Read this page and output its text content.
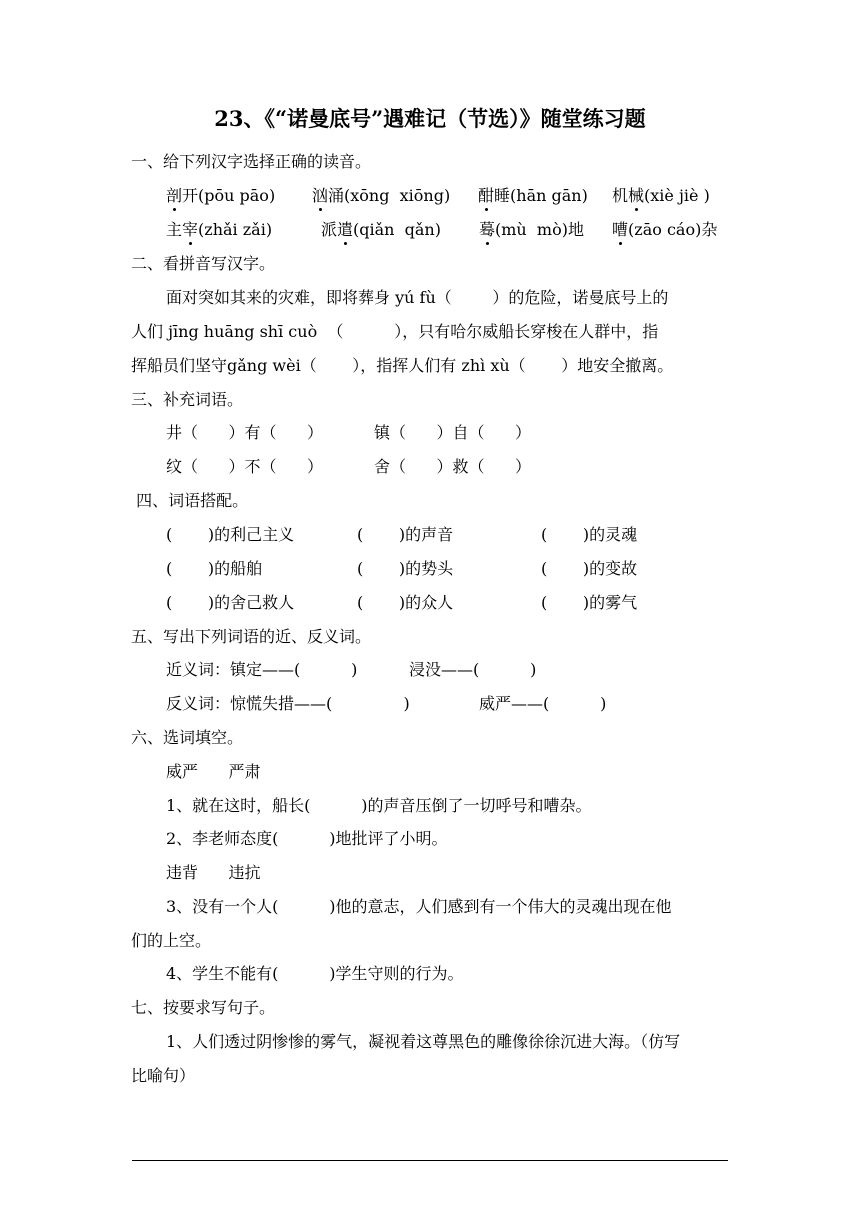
23、《“诺曼底号”遇难记（节选）》随堂练习题
一、给下列汉字选择正确的读音。
剖开(pōu pāo) 汹涌(xōng  xiōng) 酣睡(hān gān) 机械(xiè jiè )
主宰(zhǎi zǎi)	派遣(qiǎn  qǎn) 蓦(mù  mò)地 嘈(zāo cáo)杂
二、看拼音写汉字。
面对突如其来的灾难，即将葬身 yú fù（        ）的危险，诺曼底号上的
人们 jīng huāng shī cuò  （          ），只有哈尔威船长穿梭在人群中，指
挥船员们坚守gǎng wèi（       ），指挥人们有 zhì xù（       ）地安全撤离。
三、补充词语。
井（      ）有（      ）	镇（      ）自（      ）
纹（      ）不（      ）	舍（      ）救（      ）
四、词语搭配。
(       )的利己主义	(       )的声音	(       )的灵魂
(       )的船舶	(       )的势头	(       )的变故
(       )的舍己救人	(       )的众人	(       )的雾气
五、写出下列词语的近、反义词。
近义词：镇定——(          )	浸没——(          )
反义词：惊慌失措——(              )	威严——(          )
六、选词填空。
威严      严肃
1、就在这时，船长(          )的声音压倒了一切呼号和嘈杂。
2、李老师态度(          )地批评了小明。
违背      违抗
3、没有一个人(          )他的意志，人们感到有一个伟大的灵魂出现在他
们的上空。
4、学生不能有(          )学生守则的行为。
七、按要求写句子。
1、人们透过阴惨惨的雾气，凝视着这尊黑色的雕像徐徐沉进大海。（仿写
比喻句）
